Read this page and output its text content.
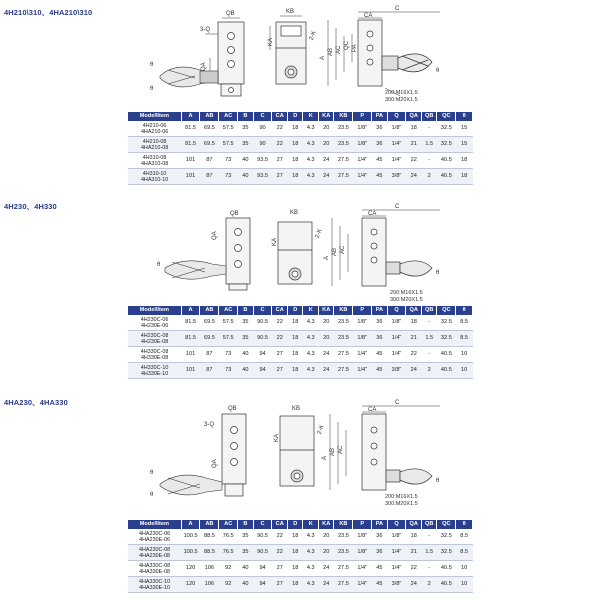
4H210\310、4HA210\310	QB
3-Q
QA
θ
θ
KB
KA
2-K
C
CA
AB AC
A
QC PA
θ
200:M16X1.5
300:M20X1.5
Model\Item	A	AB	AC	B	C	CA	D	K	KA	KB	P	PA	Q	QA	QB	QC	θ

4H210-06
4HA210-06	81.5	69.5	57.5	35	90	22	18	4.3	20	23.5	1/8"	36	1/8"	18	-	32.5	15

4H210-08
4HA210-08	81.5	69.5	57.5	35	90	22	18	4.3	20	23.5	1/8"	36	1/4"	21	1.5	32.5	15

4H310-08
4HA310-08	101	87	73	40	93.5	27	18	4.3	24	27.5	1/4"	45	1/4"	22	-	40.5	18

4H310-10
4HA310-10	101	87	73	40	93.5	27	18	4.3	24	27.5	1/4"	45	3/8"	24	2	40.5	18
4H230、4H330
θ
QB
QA
KB
KA
2-K
C
CA
AB AC
A
θ
200:M16X1.5
300:M20X1.5
Model\Item	A	AB	AC	B	C	CA	D	K	KA	KB	P	PA	Q	QA	QB	QC	θ

4H230C-06
4H230E-06	81.5	69.5	57.5	35	90.5	22	18	4.3	20	23.5	1/8"	36	1/8"	18	-	32.5	8.5

4H230C-08
4H230E-08	81.5	69.5	57.5	35	90.5	22	18	4.3	20	23.5	1/8"	36	1/4"	21	1.5	32.5	8.5

4H330C-08
4H330E-08	101	87	73	40	94	27	18	4.3	24	27.5	1/4"	45	1/4"	22	-	40.5	10

4H330C-10
4H330E-10	101	87	73	40	94	27	18	4.3	24	27.5	1/4"	45	3/8"	24	2	40.5	10
4HA230、4HA330
θ
θ
QB
3-Q
QA
KB
KA
2-K
C
CA
AB AC
A
θ
200:M16X1.5
300:M20X1.5
Model\Item	A	AB	AC	B	C	CA	D	K	KA	KB	P	PA	Q	QA	QB	QC	θ

4HA230C-06
4HA230E-06	100.5	88.5	76.5	35	90.5	22	18	4.3	20	23.5	1/8"	36	1/8"	18	-	32.5	8.5

4HA230C-08
4HA230E-08	100.5	88.5	76.5	35	90.5	22	18	4.3	20	23.5	1/8"	36	1/4"	21	1.5	32.5	8.5

4HA330C-08
4HA330E-08	120	106	92	40	94	27	18	4.3	24	27.5	1/4"	45	1/4"	22	-	40.5	10

4HA330C-10
4HA330E-10	120	106	92	40	94	27	18	4.3	24	27.5	1/4"	45	3/8"	24	2	40.5	10
